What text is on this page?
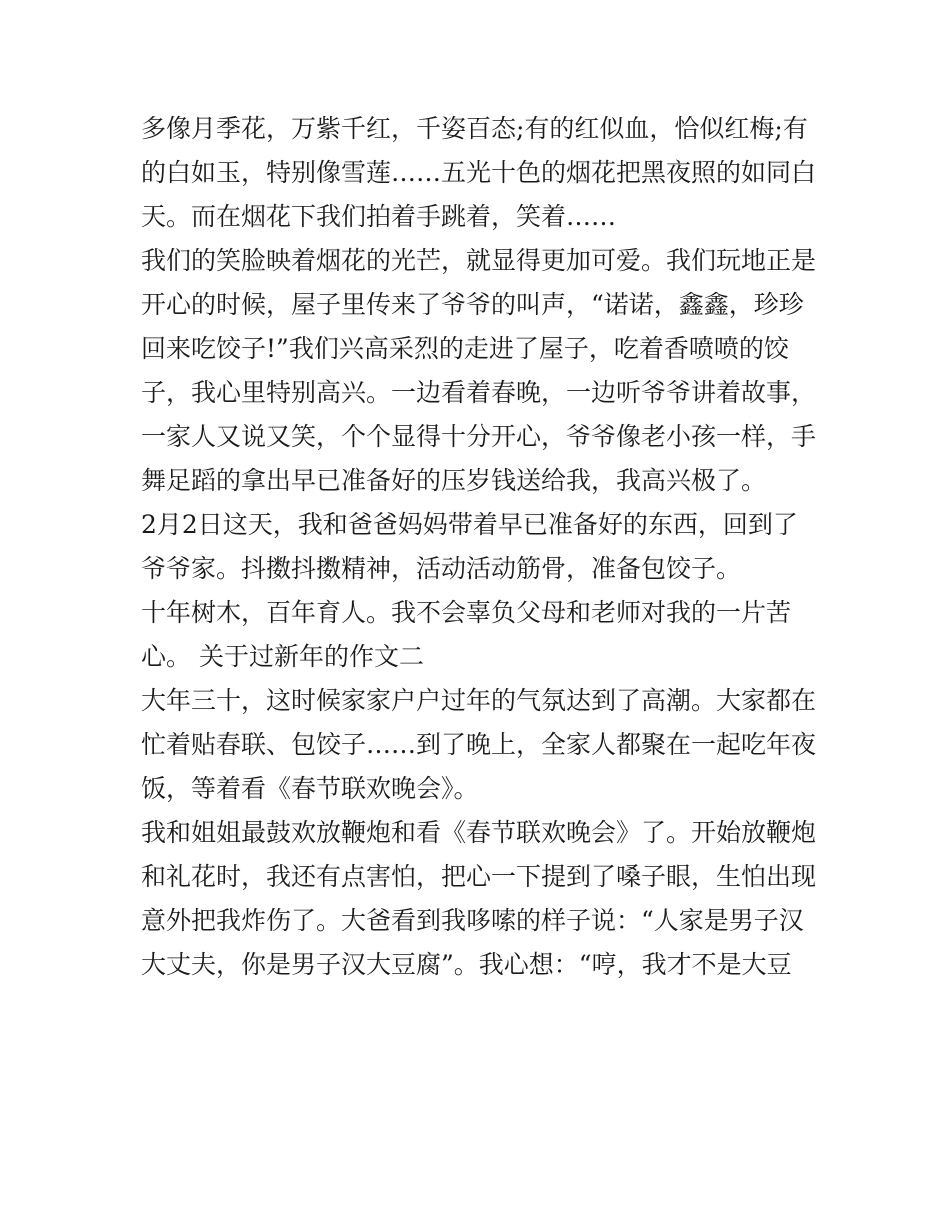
多像月季花，万紫千红，千姿百态;有的红似血，恰似红梅;有
的白如玉，特别像雪莲……五光十色的烟花把黑夜照的如同白
天。而在烟花下我们拍着手跳着，笑着……
我们的笑脸映着烟花的光芒，就显得更加可爱。我们玩地正是
开心的时候，屋子里传来了爷爷的叫声，“诺诺，鑫鑫，珍珍
回来吃饺子!”我们兴高采烈的走进了屋子，吃着香喷喷的饺
子，我心里特别高兴。一边看着春晚，一边听爷爷讲着故事，
一家人又说又笑，个个显得十分开心，爷爷像老小孩一样，手
舞足蹈的拿出早已准备好的压岁钱送给我，我高兴极了。
2月2日这天，我和爸爸妈妈带着早已准备好的东西，回到了
爷爷家。抖擞抖擞精神，活动活动筋骨，准备包饺子。
十年树木，百年育人。我不会辜负父母和老师对我的一片苦
心。 关于过新年的作文二
大年三十，这时候家家户户过年的气氛达到了高潮。大家都在
忙着贴春联、包饺子……到了晚上，全家人都聚在一起吃年夜
饭，等着看《春节联欢晚会》。
我和姐姐最鼓欢放鞭炮和看《春节联欢晚会》了。开始放鞭炮
和礼花时，我还有点害怕，把心一下提到了嗓子眼，生怕出现
意外把我炸伤了。大爸看到我哆嗦的样子说：“人家是男子汉
大丈夫，你是男子汉大豆腐”。我心想：“哼，我才不是大豆
